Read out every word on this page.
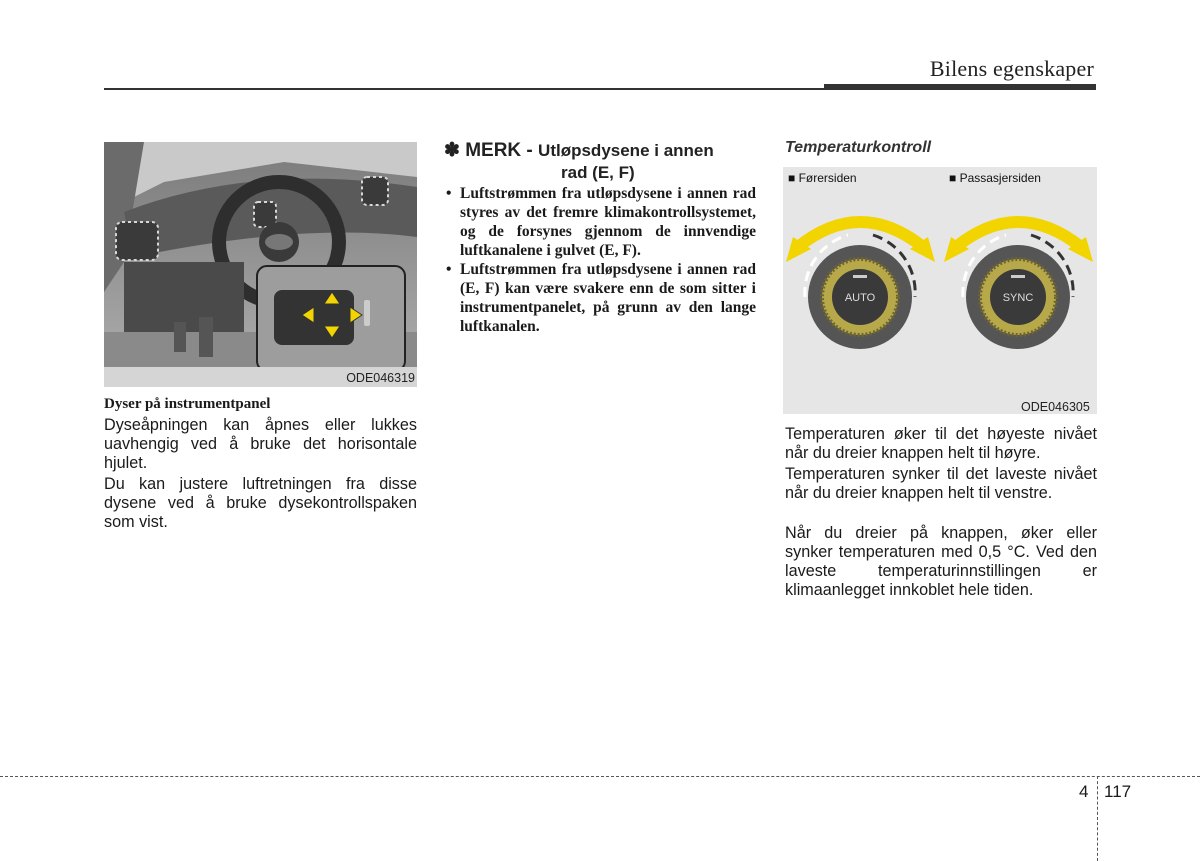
Bilens egenskaper
ODE046319
Dyser på instrumentpanel
Dyseåpningen kan åpnes eller lukkes uavhengig ved å bruke det horisontale hjulet.
Du kan justere luftretningen fra disse dysene ved å bruke dysekontrollspaken som vist.
✽ MERK - Utløpsdysene i annen
rad (E, F)
• Luftstrømmen fra utløpsdysene i annen rad styres av det fremre klimakontrollsystemet, og de forsynes gjennom de innvendige luftkanalene i gulvet (E, F).
• Luftstrømmen fra utløpsdysene i annen rad (E, F) kan være svakere enn de som sitter i instrumentpanelet, på grunn av den lange luftkanalen.
Temperaturkontroll
■ Førersiden
AUTO
■ Passasjersiden
SYNC
ODE046305
Temperaturen øker til det høyeste nivået når du dreier knappen helt til høyre.
Temperaturen synker til det laveste nivået når du dreier knappen helt til venstre.
Når du dreier på knappen, øker eller synker temperaturen med 0,5 °C. Ved den laveste temperaturinnstillingen er klimaanlegget innkoblet hele tiden.
4 117
